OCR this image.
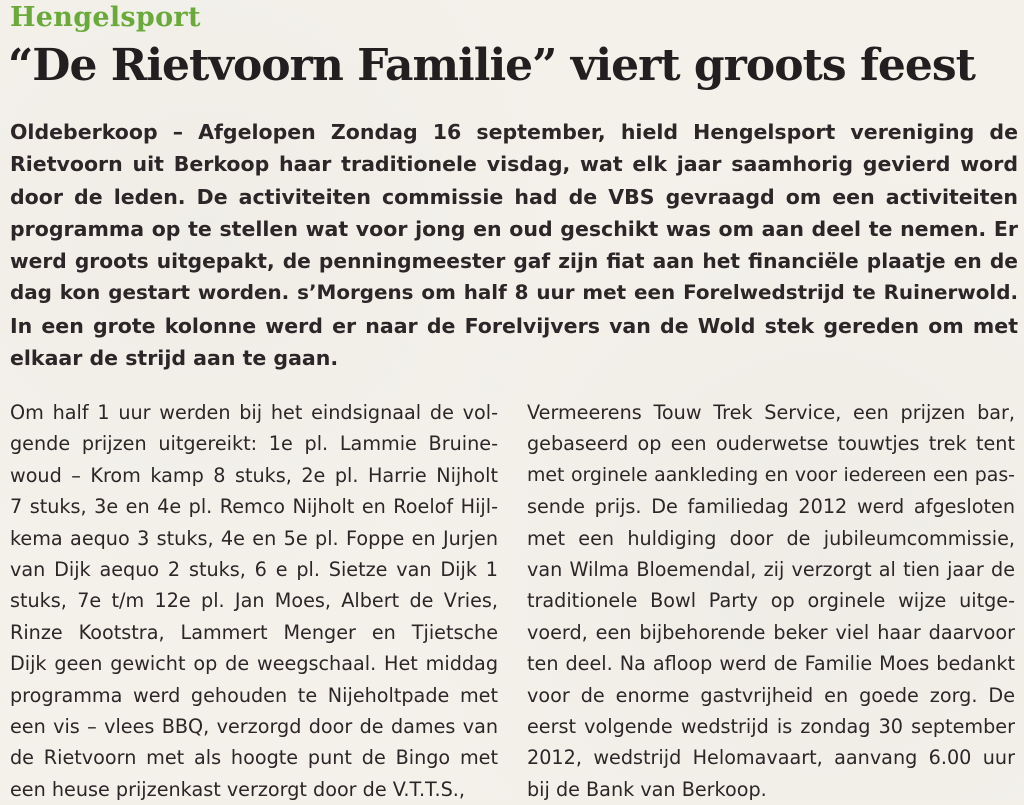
Hengelsport
“De Rietvoorn Familie” viert groots feest
Oldeberkoop – Afgelopen Zondag 16 september, hield Hengelsport vereniging de
Rietvoorn uit Berkoop haar traditionele visdag, wat elk jaar saamhorig gevierd word
door de leden. De activiteiten commissie had de VBS gevraagd om een activiteiten
programma op te stellen wat voor jong en oud geschikt was om aan deel te nemen. Er
werd groots uitgepakt, de penningmeester gaf zijn fiat aan het financiële plaatje en de
dag kon gestart worden. s’Morgens om half 8 uur met een Forelwedstrijd te Ruinerwold.
In een grote kolonne werd er naar de Forelvijvers van de Wold stek gereden om met
elkaar de strijd aan te gaan.
Om half 1 uur werden bij het eindsignaal de vol-
gende prijzen uitgereikt: 1e pl. Lammie Bruine-
woud – Krom kamp 8 stuks, 2e pl. Harrie Nijholt
7 stuks, 3e en 4e pl. Remco Nijholt en Roelof Hijl-
kema aequo 3 stuks, 4e en 5e pl. Foppe en Jurjen
van Dijk aequo 2 stuks, 6 e pl. Sietze van Dijk 1
stuks, 7e t/m 12e pl. Jan Moes, Albert de Vries,
Rinze Kootstra, Lammert Menger en Tjietsche
Dijk geen gewicht op de weegschaal. Het middag
programma werd gehouden te Nijeholtpade met
een vis – vlees BBQ, verzorgd door de dames van
de Rietvoorn met als hoogte punt de Bingo met
een heuse prijzenkast verzorgt door de V.T.T.S.,
Vermeerens Touw Trek Service, een prijzen bar,
gebaseerd op een ouderwetse touwtjes trek tent
met orginele aankleding en voor iedereen een pas-
sende prijs. De familiedag 2012 werd afgesloten
met een huldiging door de jubileumcommissie,
van Wilma Bloemendal, zij verzorgt al tien jaar de
traditionele Bowl Party op orginele wijze uitge-
voerd, een bijbehorende beker viel haar daarvoor
ten deel. Na afloop werd de Familie Moes bedankt
voor de enorme gastvrijheid en goede zorg. De
eerst volgende wedstrijd is zondag 30 september
2012, wedstrijd Helomavaart, aanvang 6.00 uur
bij de Bank van Berkoop.
